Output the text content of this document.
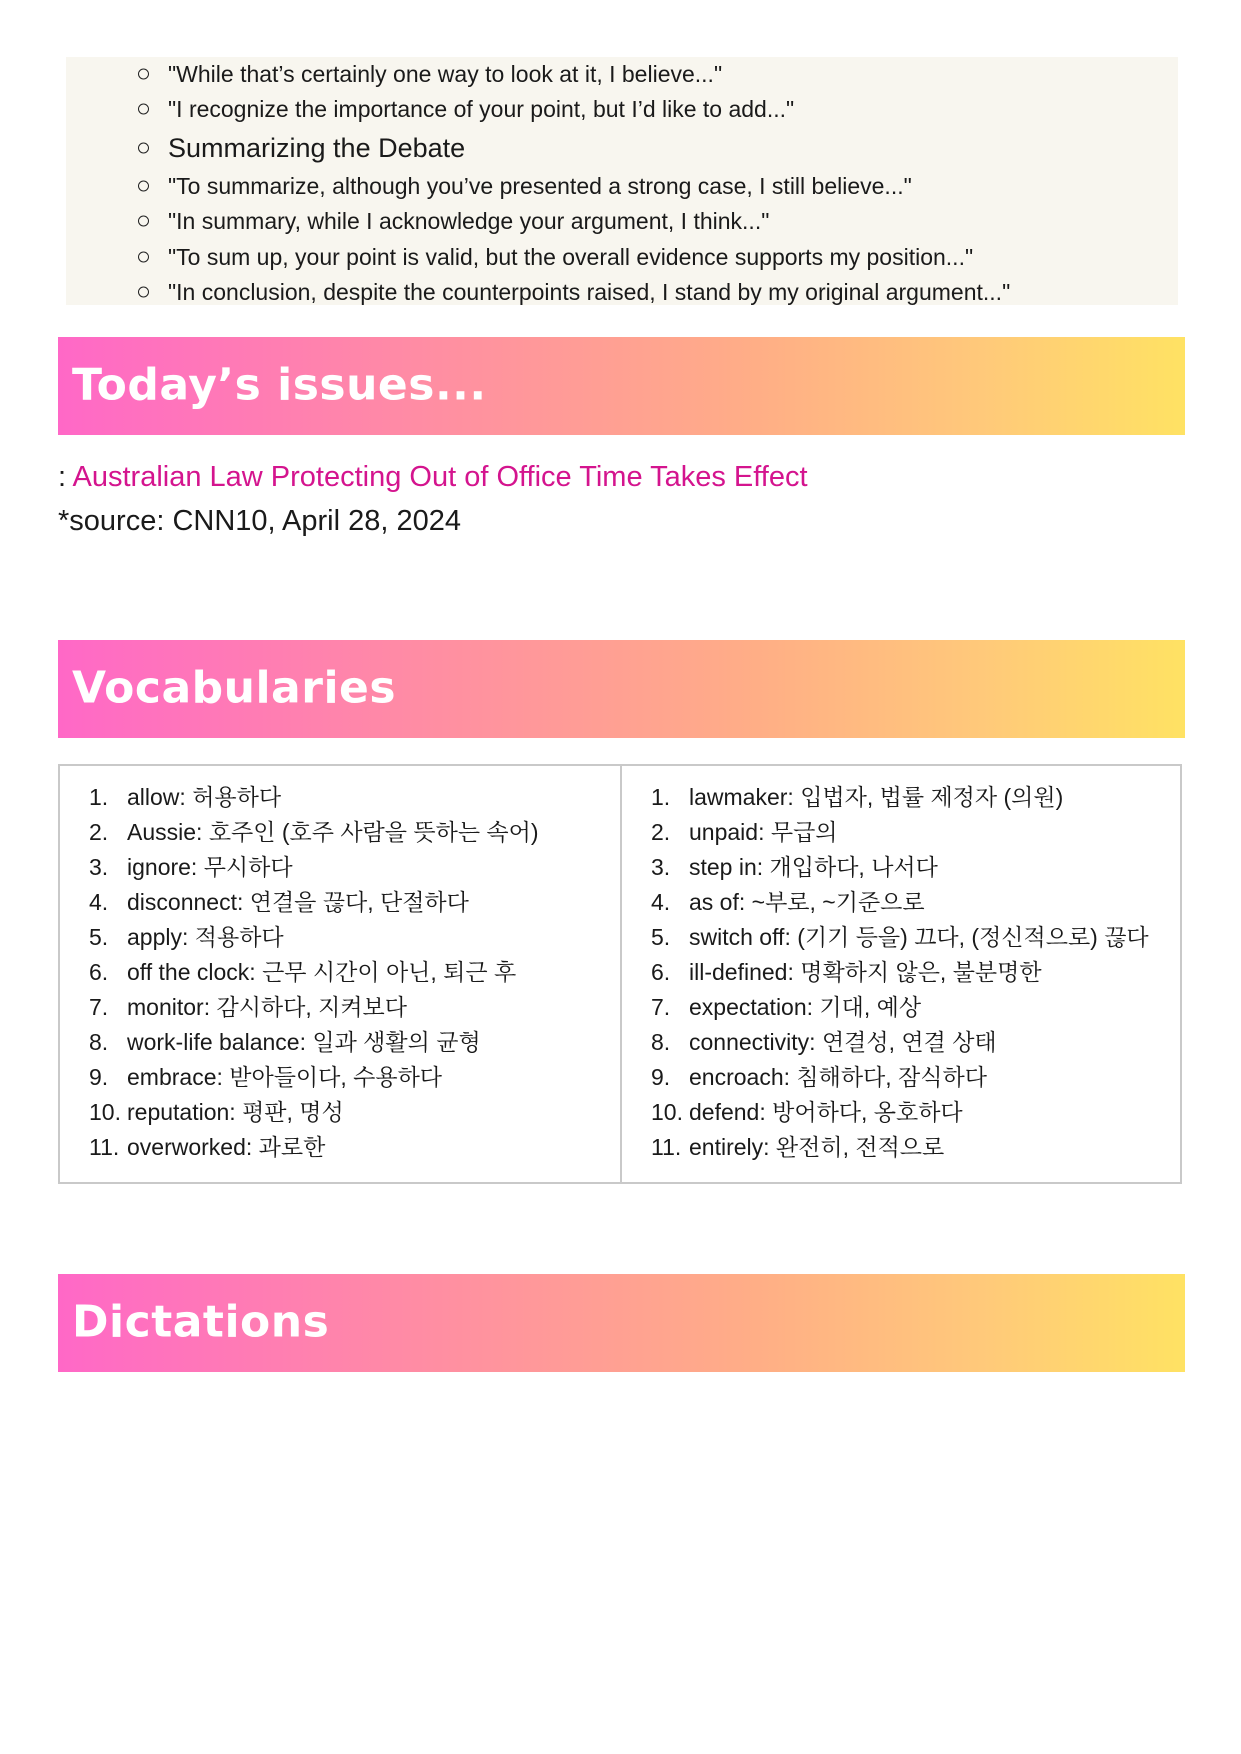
"While that’s certainly one way to look at it, I believe..."
"I recognize the importance of your point, but I’d like to add..."
Summarizing the Debate
"To summarize, although you’ve presented a strong case, I still believe..."
"In summary, while I acknowledge your argument, I think..."
"To sum up, your point is valid, but the overall evidence supports my position..."
"In conclusion, despite the counterpoints raised, I stand by my original argument..."
Today’s issues...
: Australian Law Protecting Out of Office Time Takes Effect
*source: CNN10, April 28, 2024
Vocabularies
1. allow: 허용하다
2. Aussie: 호주인 (호주 사람을 뜻하는 속어)
3. ignore: 무시하다
4. disconnect: 연결을 끊다, 단절하다
5. apply: 적용하다
6. off the clock: 근무 시간이 아닌, 퇴근 후
7. monitor: 감시하다, 지켜보다
8. work-life balance: 일과 생활의 균형
9. embrace: 받아들이다, 수용하다
10. reputation: 평판, 명성
11. overworked: 과로한
1. lawmaker: 입법자, 법률 제정자 (의원)
2. unpaid: 무급의
3. step in: 개입하다, 나서다
4. as of: ~부로, ~기준으로
5. switch off: (기기 등을) 끄다, (정신적으로) 끊다
6. ill-defined: 명확하지 않은, 불분명한
7. expectation: 기대, 예상
8. connectivity: 연결성, 연결 상태
9. encroach: 침해하다, 잠식하다
10. defend: 방어하다, 옹호하다
11. entirely: 완전히, 전적으로
Dictations
